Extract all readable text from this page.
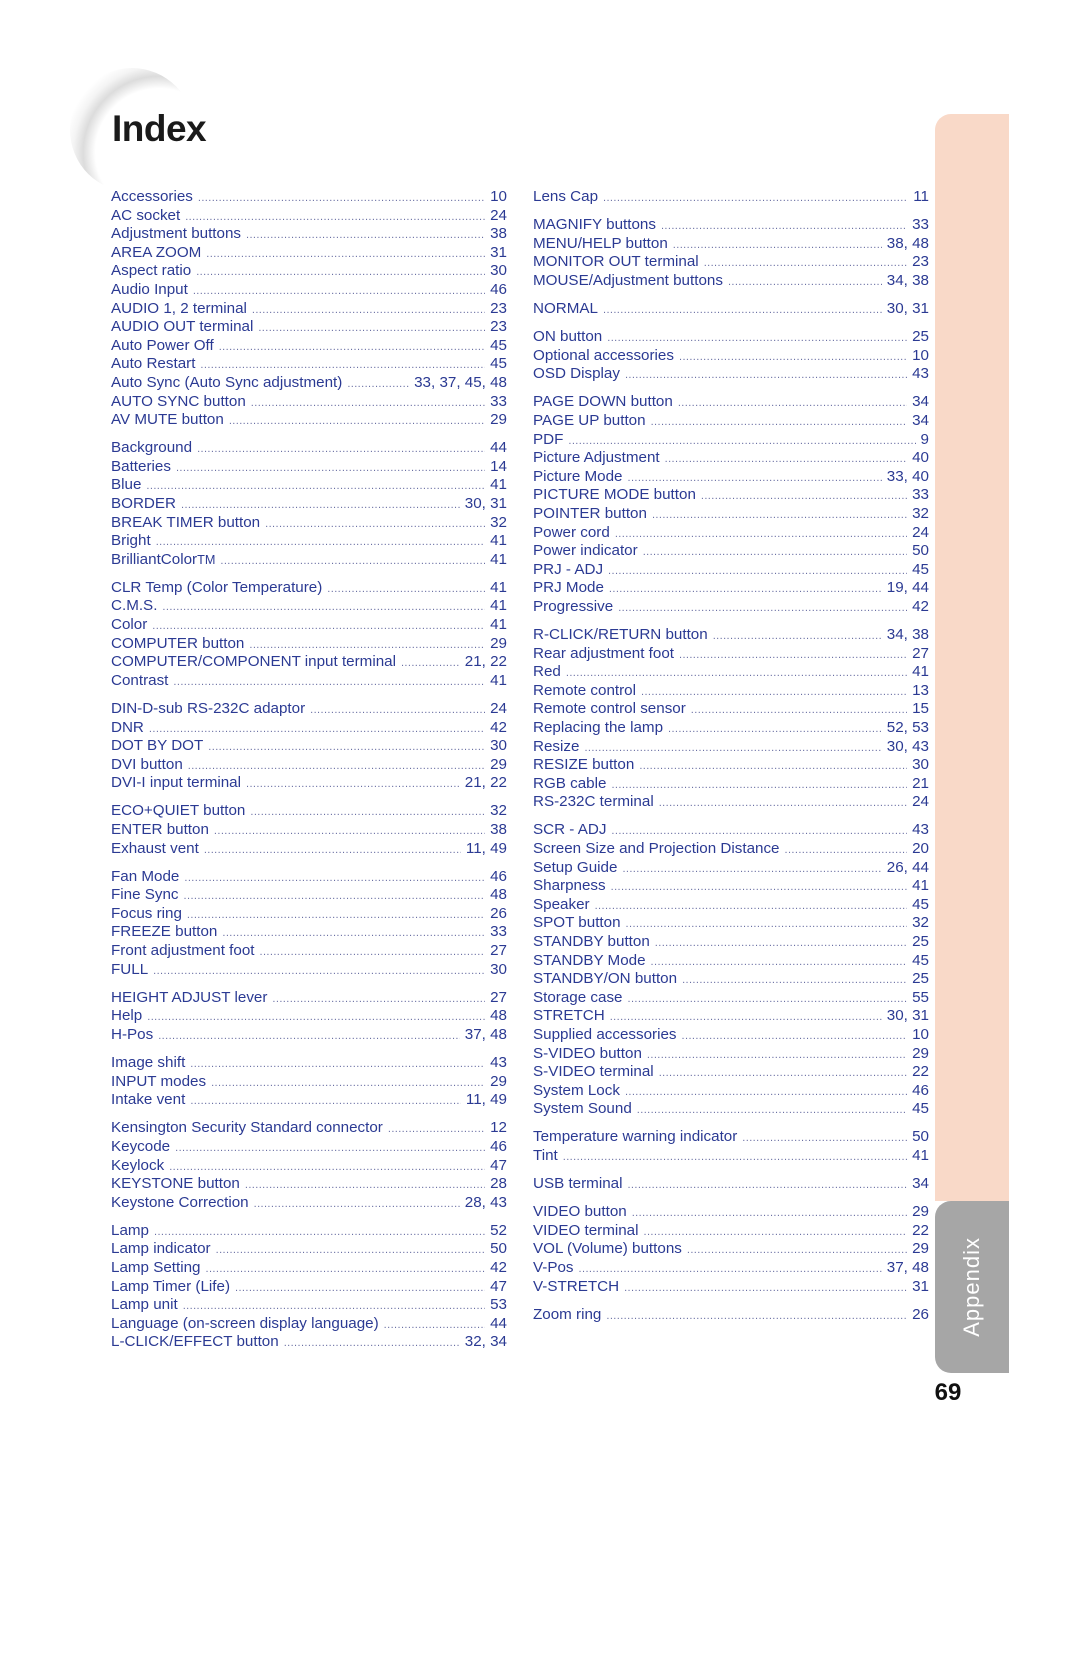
Index
Accessories .....	10
AC socket .....	24
Adjustment buttons .....	38
AREA ZOOM .....	31
Aspect ratio .....	30
Audio Input .....	46
AUDIO 1, 2 terminal .....	23
AUDIO OUT terminal .....	23
Auto Power Off .....	45
Auto Restart .....	45
Auto Sync (Auto Sync adjustment) .....	33, 37, 45, 48
AUTO SYNC button .....	33
AV MUTE button .....	29
Background .....	44
Batteries .....	14
Blue .....	41
BORDER .....	30, 31
BREAK TIMER button .....	32
Bright .....	41
BrilliantColor TM .....	41
CLR Temp (Color Temperature) .....	41
C.M.S. .....	41
Color .....	41
COMPUTER button .....	29
COMPUTER/COMPONENT input terminal .....	21, 22
Contrast .....	41
DIN-D-sub RS-232C adaptor .....	24
DNR .....	42
DOT BY DOT .....	30
DVI button .....	29
DVI-I input terminal .....	21, 22
ECO+QUIET button .....	32
ENTER button .....	38
Exhaust vent .....	11, 49
Fan Mode .....	46
Fine Sync .....	48
Focus ring .....	26
FREEZE button .....	33
Front adjustment foot .....	27
FULL .....	30
HEIGHT ADJUST lever .....	27
Help .....	48
H-Pos .....	37, 48
Image shift .....	43
INPUT modes .....	29
Intake vent .....	11, 49
Kensington Security Standard connector .....	12
Keycode .....	46
Keylock .....	47
KEYSTONE button .....	28
Keystone Correction .....	28, 43
Lamp .....	52
Lamp indicator .....	50
Lamp Setting .....	42
Lamp Timer (Life) .....	47
Lamp unit .....	53
Language (on-screen display language) .....	44
L-CLICK/EFFECT button .....	32, 34
Lens Cap .....	11
MAGNIFY buttons .....	33
MENU/HELP button .....	38, 48
MONITOR OUT terminal .....	23
MOUSE/Adjustment buttons .....	34, 38
NORMAL .....	30, 31
ON button .....	25
Optional accessories .....	10
OSD Display .....	43
PAGE DOWN button .....	34
PAGE UP button .....	34
PDF .....	9
Picture Adjustment .....	40
Picture Mode .....	33, 40
PICTURE MODE button .....	33
POINTER button .....	32
Power cord .....	24
Power indicator .....	50
PRJ - ADJ .....	45
PRJ Mode .....	19, 44
Progressive .....	42
R-CLICK/RETURN button .....	34, 38
Rear adjustment foot .....	27
Red .....	41
Remote control .....	13
Remote control sensor .....	15
Replacing the lamp .....	52, 53
Resize .....	30, 43
RESIZE button .....	30
RGB cable .....	21
RS-232C terminal .....	24
SCR - ADJ .....	43
Screen Size and Projection Distance .....	20
Setup Guide .....	26, 44
Sharpness .....	41
Speaker .....	45
SPOT button .....	32
STANDBY button .....	25
STANDBY Mode .....	45
STANDBY/ON button .....	25
Storage case .....	55
STRETCH .....	30, 31
Supplied accessories .....	10
S-VIDEO button .....	29
S-VIDEO terminal .....	22
System Lock .....	46
System Sound .....	45
Temperature warning indicator .....	50
Tint .....	41
USB terminal .....	34
VIDEO button .....	29
VIDEO terminal .....	22
VOL (Volume) buttons .....	29
V-Pos .....	37, 48
V-STRETCH .....	31
Zoom ring .....	26 Appendix
69
